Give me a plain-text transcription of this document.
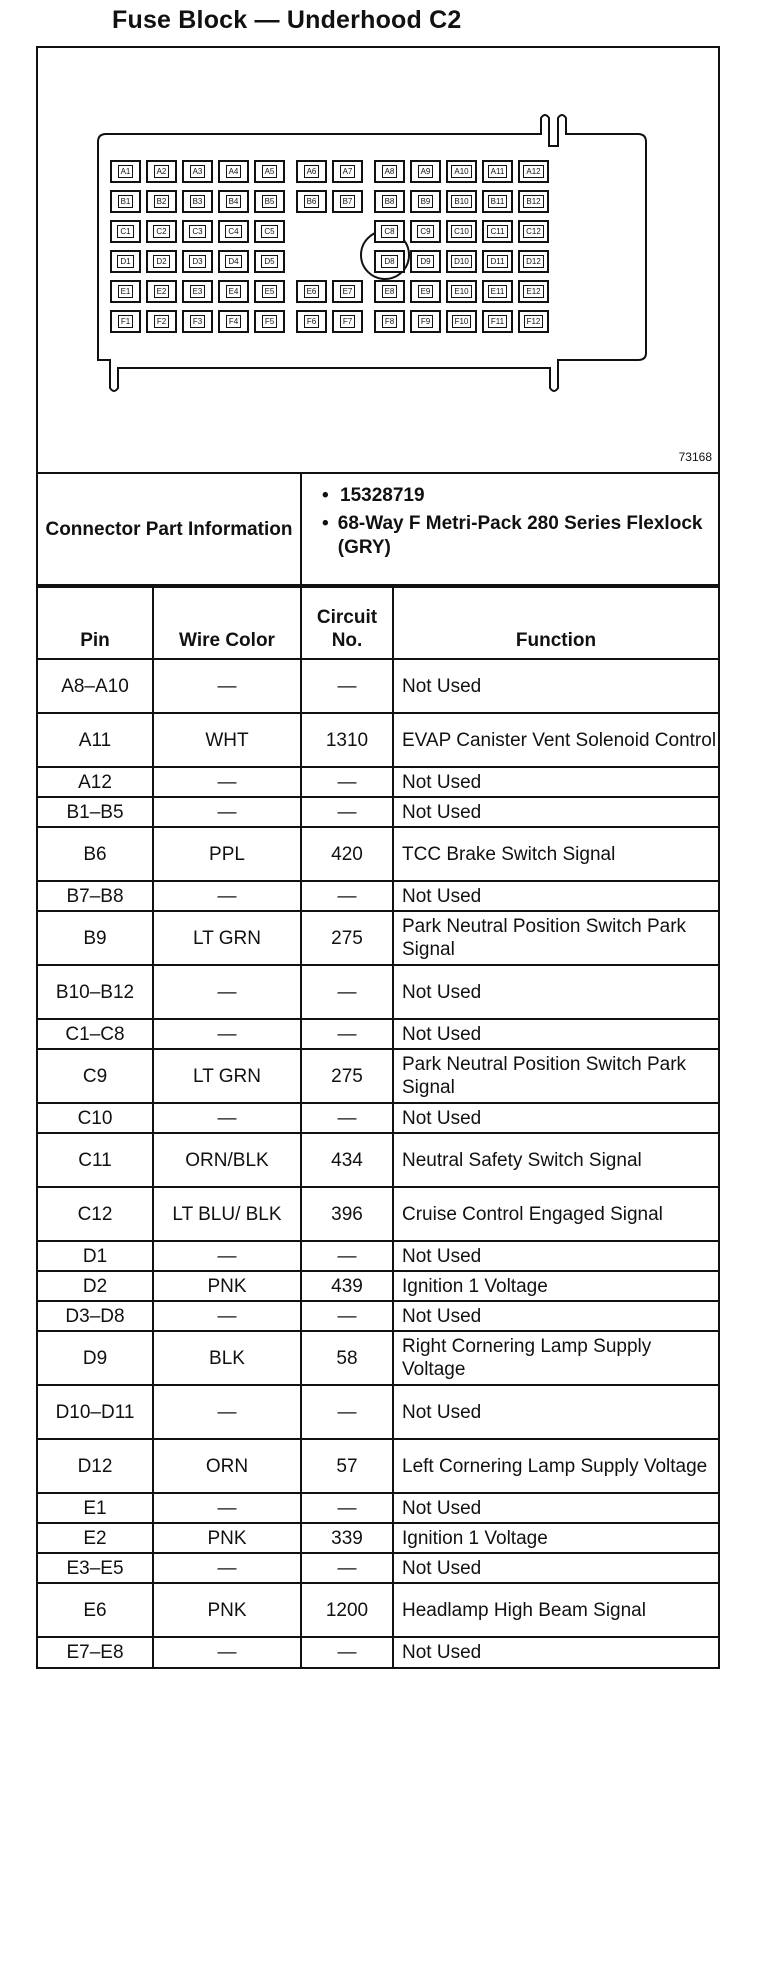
Fuse Block — Underhood C2
A1	A2	A3	A4	A5	A6	A7	A8	A9	A10	A11	A12
B1	B2	B3	B4	B5	B6	B7	B8	B9	B10	B11	B12
C1	C2	C3	C4	C5	C8	C9	C10	C11	C12
D1	D2	D3	D4	D5	D8	D9	D10	D11	D12
E1	E2	E3	E4	E5	E6	E7	E8	E9	E10	E11	E12
F1	F2	F3	F4	F5	F6	F7	F8	F9	F10	F11	F12
73168
Connector Part Information
• 15328719
• 68-Way F Metri-Pack 280 Series Flexlock (GRY)
Pin	Wire Color	Circuit No.	Function
A8–A10	—	—	Not Used
A11	WHT	1310	EVAP Canister Vent Solenoid Control
A12	—	—	Not Used
B1–B5	—	—	Not Used
B6	PPL	420	TCC Brake Switch Signal
B7–B8	—	—	Not Used
B9	LT GRN	275	Park Neutral Position Switch Park Signal
B10–B12	—	—	Not Used
C1–C8	—	—	Not Used
C9	LT GRN	275	Park Neutral Position Switch Park Signal
C10	—	—	Not Used
C11	ORN/BLK	434	Neutral Safety Switch Signal
C12	LT BLU/ BLK	396	Cruise Control Engaged Signal
D1	—	—	Not Used
D2	PNK	439	Ignition 1 Voltage
D3–D8	—	—	Not Used
D9	BLK	58	Right Cornering Lamp Supply Voltage
D10–D11	—	—	Not Used
D12	ORN	57	Left Cornering Lamp Supply Voltage
E1	—	—	Not Used
E2	PNK	339	Ignition 1 Voltage
E3–E5	—	—	Not Used
E6	PNK	1200	Headlamp High Beam Signal
E7–E8	—	—	Not Used
